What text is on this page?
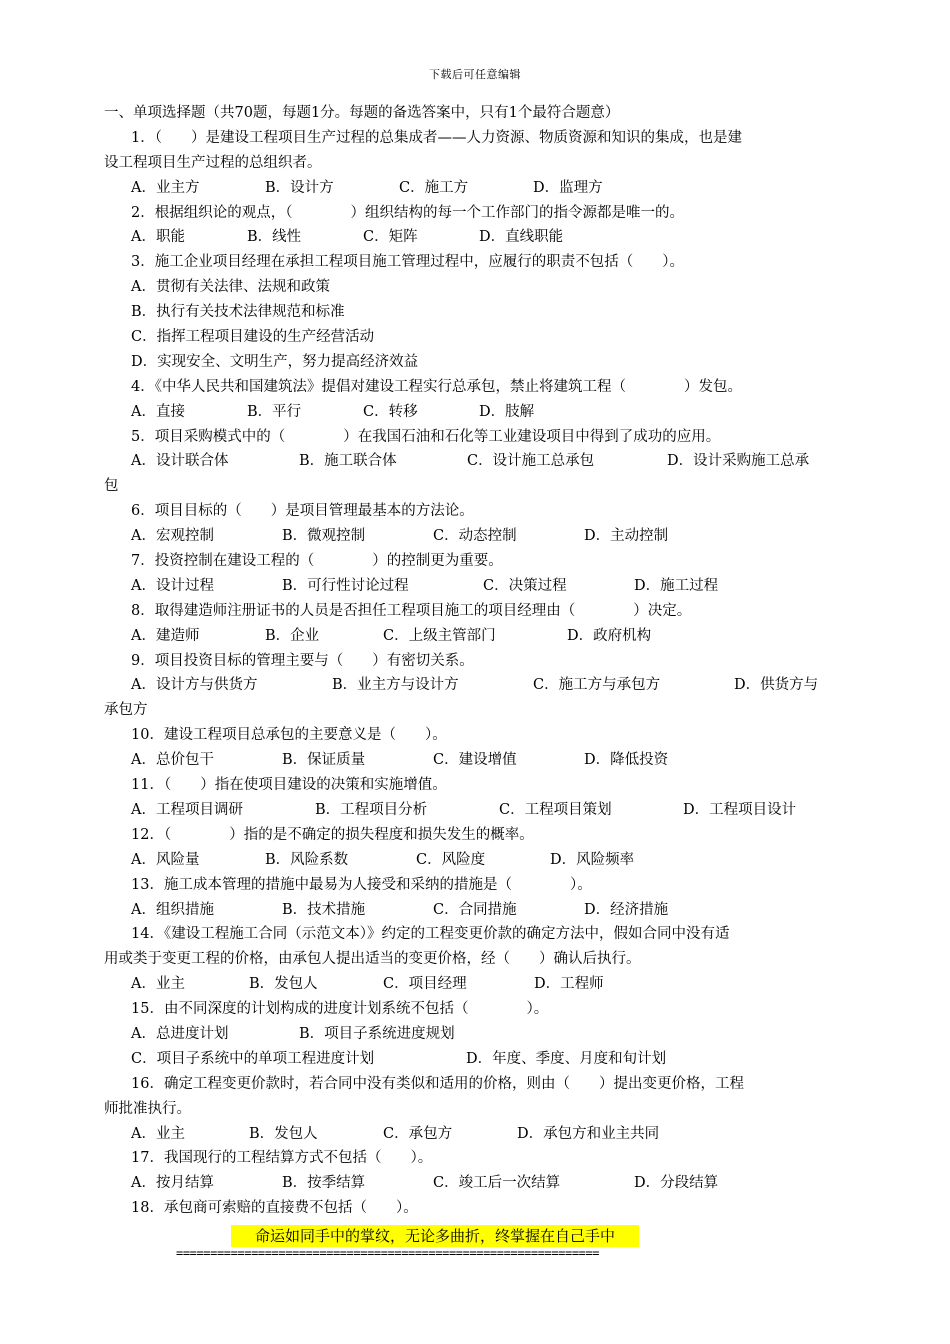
下载后可任意编辑
一、单项选择题（共70题，每题1分。每题的备选答案中，只有1个最符合题意）
1．（　　）是建设工程项目生产过程的总集成者——人力资源、物质资源和知识的集成，也是建
设工程项目生产过程的总组织者。
A．业主方	B．设计方	C．施工方	D．监理方
2．根据组织论的观点，（　　　　）组织结构的每一个工作部门的指令源都是唯一的。
A．职能	B．线性	C．矩阵	D．直线职能
3．施工企业项目经理在承担工程项目施工管理过程中，应履行的职责不包括（　　）。
A．贯彻有关法律、法规和政策
B．执行有关技术法律规范和标准
C．指挥工程项目建设的生产经营活动
D．实现安全、文明生产，努力提高经济效益
4．《中华人民共和国建筑法》提倡对建设工程实行总承包，禁止将建筑工程（　　　　）发包。
A．直接	B．平行	C．转移	D．肢解
5．项目采购模式中的（　　　　）在我国石油和石化等工业建设项目中得到了成功的应用。
A．设计联合体	B．施工联合体	C．设计施工总承包	D．设计采购施工总承
包
6．项目目标的（　　）是项目管理最基本的方法论。
A．宏观控制	B．微观控制	C．动态控制	D．主动控制
7．投资控制在建设工程的（　　　　）的控制更为重要。
A．设计过程	B．可行性讨论过程	C．决策过程	D．施工过程
8．取得建造师注册证书的人员是否担任工程项目施工的项目经理由（　　　　）决定。
A．建造师	B．企业	C．上级主管部门	D．政府机构
9．项目投资目标的管理主要与（　　）有密切关系。
A．设计方与供货方	B．业主方与设计方	C．施工方与承包方	D．供货方与
承包方
10．建设工程项目总承包的主要意义是（　　）。
A．总价包干	B．保证质量	C．建设增值	D．降低投资
11．（　　）指在使项目建设的决策和实施增值。
A．工程项目调研	B．工程项目分析	C．工程项目策划	D．工程项目设计
12．（　　　　）指的是不确定的损失程度和损失发生的概率。
A．风险量	B．风险系数	C．风险度	D．风险频率
13．施工成本管理的措施中最易为人接受和采纳的措施是（　　　　）。
A．组织措施	B．技术措施	C．合同措施	D．经济措施
14．《建设工程施工合同（示范文本）》约定的工程变更价款的确定方法中，假如合同中没有适
用或类于变更工程的价格，由承包人提出适当的变更价格，经（　　）确认后执行。
A．业主	B．发包人	C．项目经理	D．工程师
15．由不同深度的计划构成的进度计划系统不包括（　　　　）。
A．总进度计划	B．项目子系统进度规划
C．项目子系统中的单项工程进度计划	D．年度、季度、月度和旬计划
16．确定工程变更价款时，若合同中没有类似和适用的价格，则由（　　）提出变更价格，工程
师批准执行。
A．业主	B．发包人	C．承包方	D．承包方和业主共同
17．我国现行的工程结算方式不包括（　　）。
A．按月结算	B．按季结算	C．竣工后一次结算	D．分段结算
18．承包商可索赔的直接费不包括（　　）。
命运如同手中的掌纹，无论多曲折，终掌握在自己手中
==============================================================
